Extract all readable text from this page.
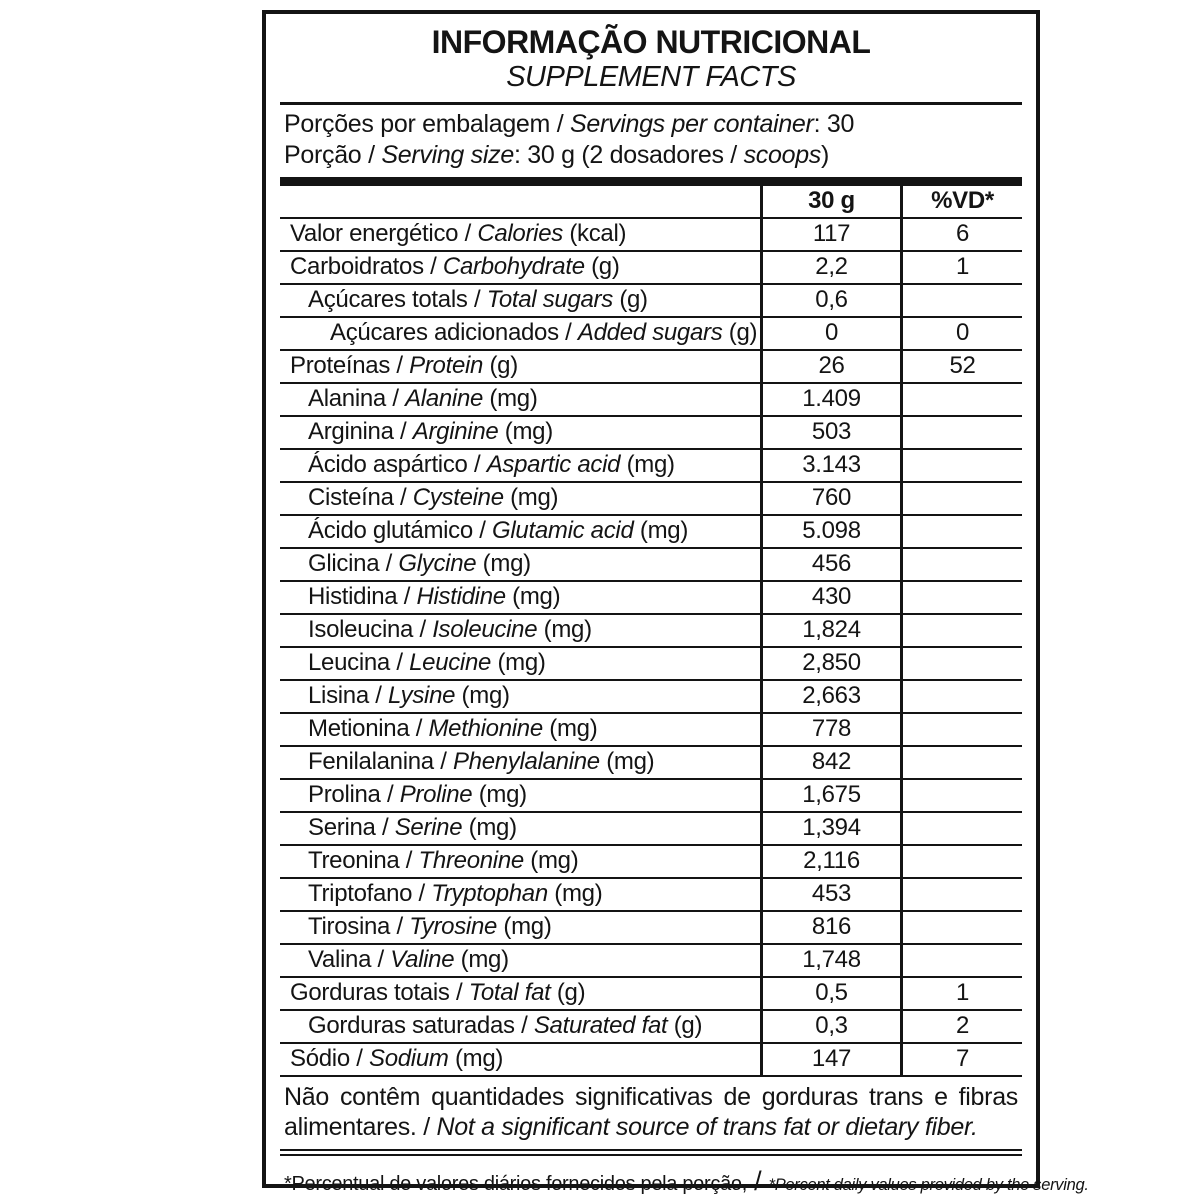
INFORMAÇÃO NUTRICIONAL
SUPPLEMENT FACTS
Porções por embalagem / Servings per container: 30
Porção / Serving size: 30 g (2 dosadores / scoops)
30 g	%VD*
Valor energético / Calories (kcal)	117	6
Carboidratos / Carbohydrate (g)	2,2	1
Açúcares totals / Total sugars (g)	0,6
Açúcares adicionados / Added sugars (g)	0	0
Proteínas / Protein (g)	26	52
Alanina / Alanine (mg)	1.409
Arginina / Arginine (mg)	503
Ácido aspártico / Aspartic acid (mg)	3.143
Cisteína / Cysteine (mg)	760
Ácido glutámico / Glutamic acid (mg)	5.098
Glicina / Glycine (mg)	456
Histidina / Histidine (mg)	430
Isoleucina / Isoleucine (mg)	1,824
Leucina / Leucine (mg)	2,850
Lisina / Lysine (mg)	2,663
Metionina / Methionine (mg)	778
Fenilalanina / Phenylalanine (mg)	842
Prolina / Proline (mg)	1,675
Serina / Serine (mg)	1,394
Treonina / Threonine (mg)	2,116
Triptofano / Tryptophan (mg)	453
Tirosina / Tyrosine (mg)	816
Valina / Valine (mg)	1,748
Gorduras totais / Total fat (g)	0,5	1
Gorduras saturadas / Saturated fat (g)	0,3	2
Sódio / Sodium (mg)	147	7

Não contêm quantidades significativas de gorduras trans e fibras alimentares. / Not a significant source of trans fat or dietary fiber.

*Percentual de valores diários fornecidos pela porção, / *Percent daily values provided by the serving.
